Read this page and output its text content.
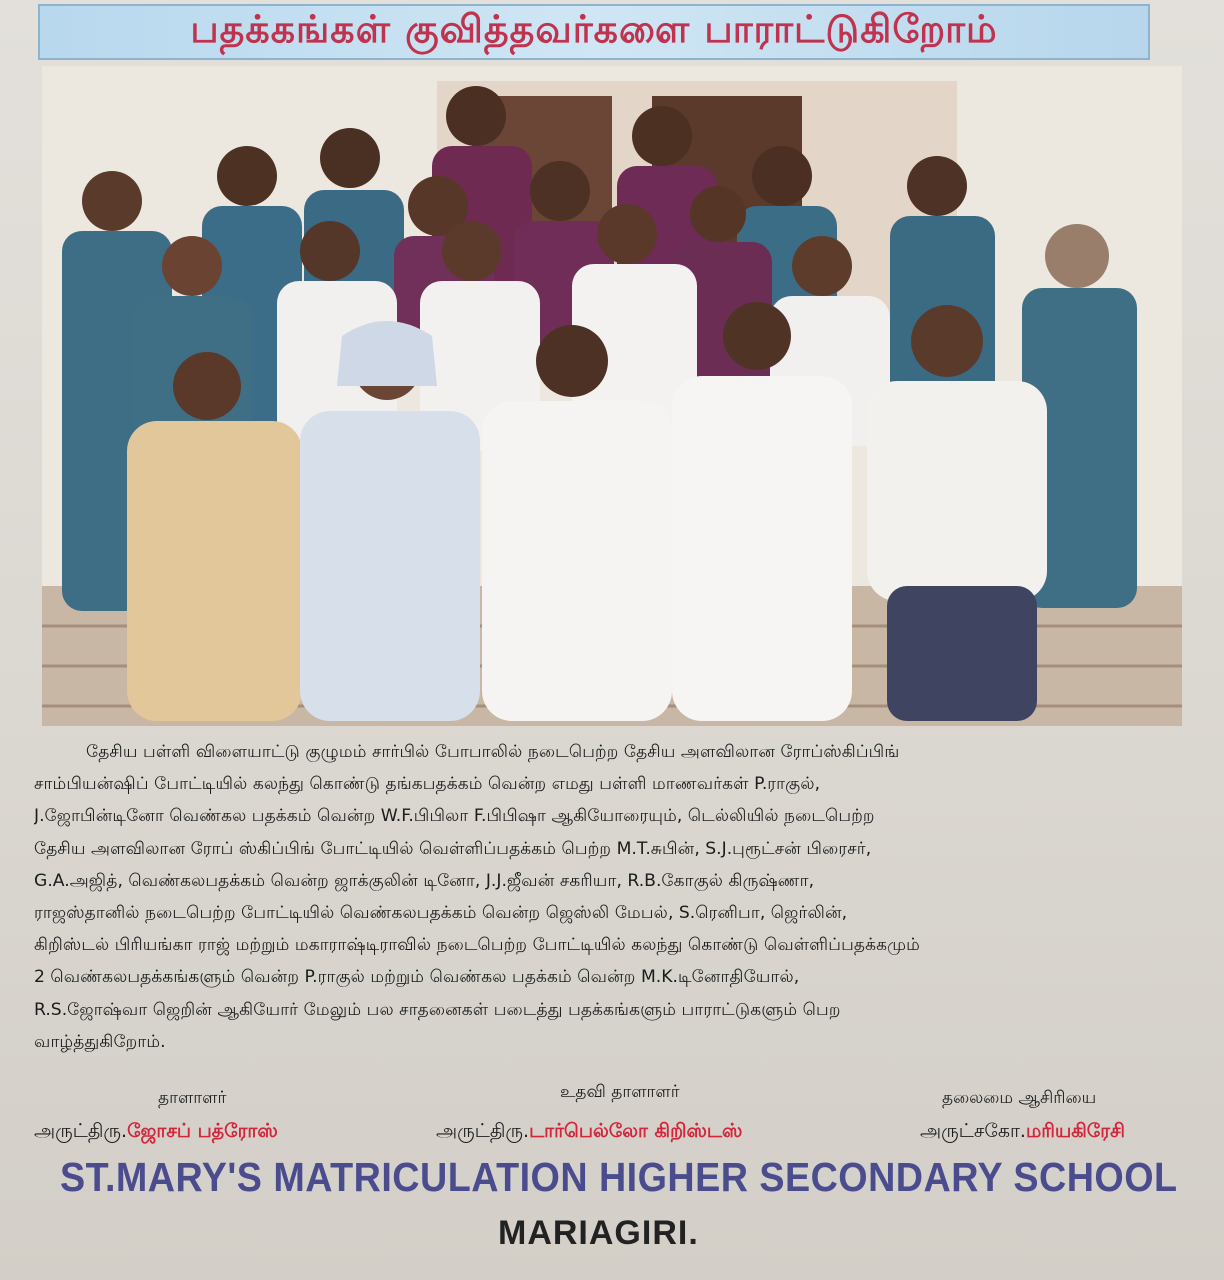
பதக்கங்கள் குவித்தவர்களை பாராட்டுகிறோம்

தேசிய பள்ளி விளையாட்டு குழுமம் சார்பில் போபாலில் நடைபெற்ற தேசிய அளவிலான ரோப்ஸ்கிப்பிங்
சாம்பியன்ஷிப் போட்டியில் கலந்து கொண்டு தங்கபதக்கம் வென்ற எமது பள்ளி மாணவர்கள் P.ராகுல்,
J.ஜோபின்டினோ வெண்கல பதக்கம் வென்ற W.F.பிபிலா F.பிபிஷா ஆகியோரையும், டெல்லியில் நடைபெற்ற
தேசிய அளவிலான ரோப் ஸ்கிப்பிங் போட்டியில் வெள்ளிப்பதக்கம் பெற்ற M.T.சுபின், S.J.புரூட்சன் பிரைசர்,
G.A.அஜித், வெண்கலபதக்கம் வென்ற ஜாக்குலின் டினோ, J.J.ஜீவன் சகரியா, R.B.கோகுல் கிருஷ்ணா,
ராஜஸ்தானில் நடைபெற்ற போட்டியில் வெண்கலபதக்கம் வென்ற ஜெஸ்லி மேபல், S.ரெனிபா, ஜெர்லின்,
கிறிஸ்டல் பிரியங்கா ராஜ் மற்றும் மகாராஷ்டிராவில் நடைபெற்ற போட்டியில் கலந்து கொண்டு வெள்ளிப்பதக்கமும்
2 வெண்கலபதக்கங்களும் வென்ற P.ராகுல் மற்றும் வெண்கல பதக்கம் வென்ற M.K.டினோதியோல்,
R.S.ஜோஷ்வா ஜெறின் ஆகியோர் மேலும் பல சாதனைகள் படைத்து பதக்கங்களும் பாராட்டுகளும் பெற
வாழ்த்துகிறோம்.

தாளாளர்
அருட்திரு.ஜோசப் பத்ரோஸ்
உதவி தாளாளர்
அருட்திரு.டார்பெல்லோ கிறிஸ்டஸ்
தலைமை ஆசிரியை
அருட்சகோ.மரியகிரேசி
ST.MARY'S MATRICULATION HIGHER SECONDARY SCHOOL
MARIAGIRI.
